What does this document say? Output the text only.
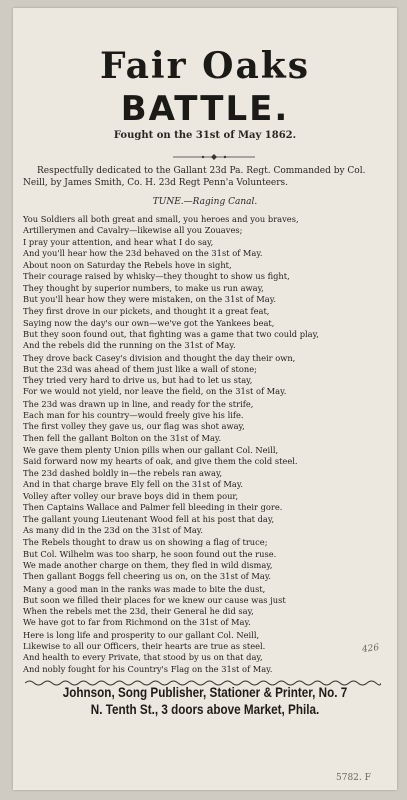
Fair Oaks
BATTLE.
Fought on the 31st of May 1862.
Respectfully dedicated to the Gallant 23d Pa. Regt. Commanded by Col. Neill, by James Smith, Co. H. 23d Regt Penn'a Volunteers.
TUNE.—Raging Canal.
You Soldiers all both great and small, you heroes and you braves,
Artillerymen and Cavalry—likewise all you Zouaves;
I pray your attention, and hear what I do say,
And you'll hear how the 23d behaved on the 31st of May.
About noon on Saturday the Rebels hove in sight,
Their courage raised by whisky—they thought to show us fight,
They thought by superior numbers, to make us run away,
But you'll hear how they were mistaken, on the 31st of May.
They first drove in our pickets, and thought it a great feat,
Saying now the day's our own—we've got the Yankees beat,
But they soon found out, that fighting was a game that two could play,
And the rebels did the running on the 31st of May.
They drove back Casey's division and thought the day their own,
But the 23d was ahead of them just like a wall of stone;
They tried very hard to drive us, but had to let us stay,
For we would not yield, nor leave the field, on the 31st of May.
The 23d was drawn up in line, and ready for the strife,
Each man for his country—would freely give his life.
The first volley they gave us, our flag was shot away,
Then fell the gallant Bolton on the 31st of May.
We gave them plenty Union pills when our gallant Col. Neill,
Said forward now my hearts of oak, and give them the cold steel.
The 23d dashed boldly in—the rebels ran away,
And in that charge brave Ely fell on the 31st of May.
Volley after volley our brave boys did in them pour,
Then Captains Wallace and Palmer fell bleeding in their gore.
The gallant young Lieutenant Wood fell at his post that day,
As many did in the 23d on the 31st of May.
The Rebels thought to draw us on showing a flag of truce;
But Col. Wilhelm was too sharp, he soon found out the ruse.
We made another charge on them, they fled in wild dismay,
Then gallant Boggs fell cheering us on, on the 31st of May.
Many a good man in the ranks was made to bite the dust,
But soon we filled their places for we knew our cause was just
When the rebels met the 23d, their General he did say,
We have got to far from Richmond on the 31st of May.
Here is long life and prosperity to our gallant Col. Neill,
Likewise to all our Officers, their hearts are true as steel.
And health to every Private, that stood by us on that day,
And nobly fought for his Country's Flag on the 31st of May.
426
Johnson, Song Publisher, Stationer & Printer, No. 7
N. Tenth St., 3 doors above Market, Phila.
5782. F
